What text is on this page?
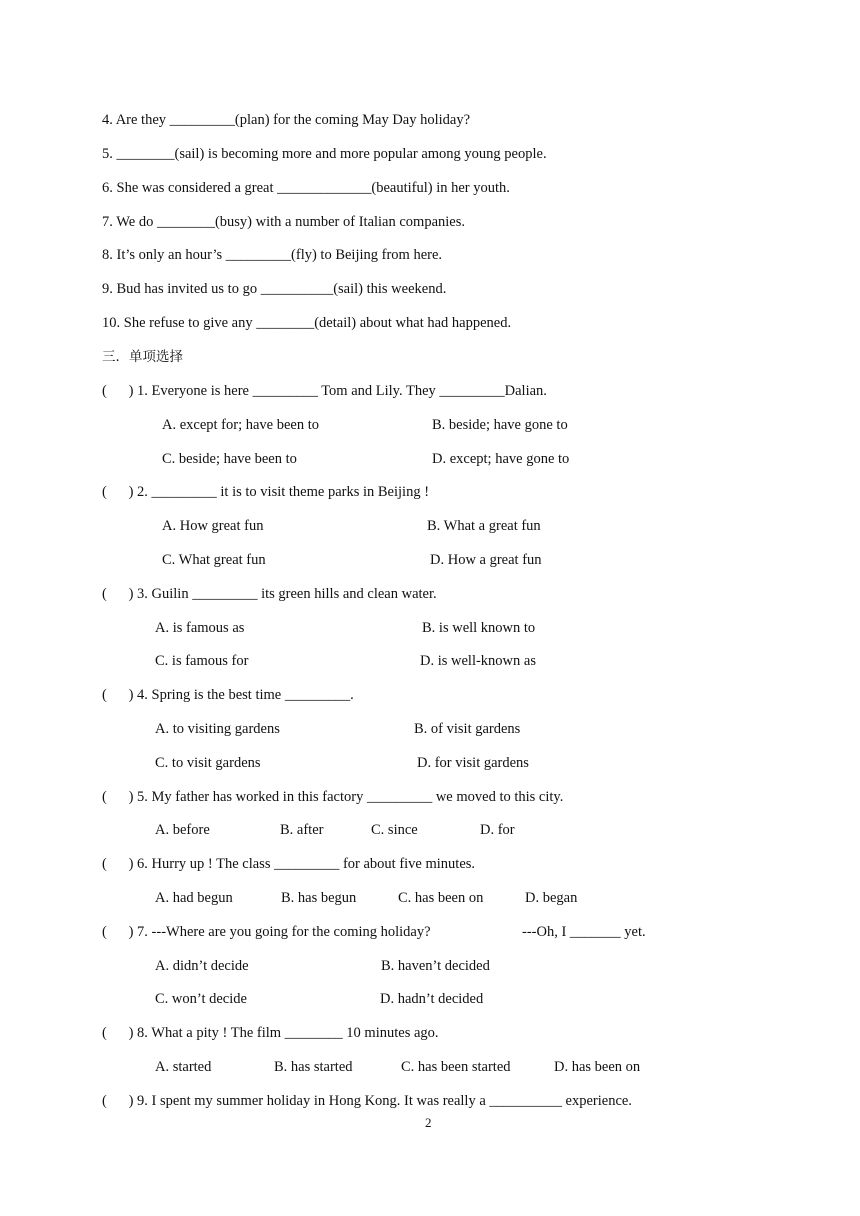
4. Are they _________(plan) for the coming May Day holiday?
5. ________(sail) is becoming more and more popular among young people.
6. She was considered a great _____________(beautiful) in her youth.
7. We do ________(busy) with a number of Italian companies.
8. It’s only an hour’s _________(fly) to Beijing from here.
9. Bud has invited us to go __________(sail) this weekend.
10. She refuse to give any ________(detail) about what had happened.
三．单项选择
(      ) 1. Everyone is here _________ Tom and Lily. They _________Dalian.
A. except for; have been to	B. beside; have gone to
C. beside; have been to	D. except; have gone to
(      ) 2. _________ it is to visit theme parks in Beijing !
A. How great fun	B. What a great fun
C. What great fun	D. How a great fun
(      ) 3. Guilin _________ its green hills and clean water.
A. is famous as	B. is well known to
C. is famous for	D. is well-known as
(      ) 4. Spring is the best time _________.
A. to visiting gardens	B. of visit gardens
C. to visit gardens	D. for visit gardens
(      ) 5. My father has worked in this factory _________ we moved to this city.
A. before	B. after	C. since	D. for
(      ) 6. Hurry up ! The class _________ for about five minutes.
A. had begun	B. has begun	C. has been on	D. began
(      ) 7. ---Where are you going for the coming holiday?	---Oh, I _______ yet.
A. didn’t decide	B. haven’t decided
C. won’t decide	D. hadn’t decided
(      ) 8. What a pity ! The film ________ 10 minutes ago.
A. started	B. has started	C. has been started	D. has been on
(      ) 9. I spent my summer holiday in Hong Kong. It was really a __________ experience.
2
